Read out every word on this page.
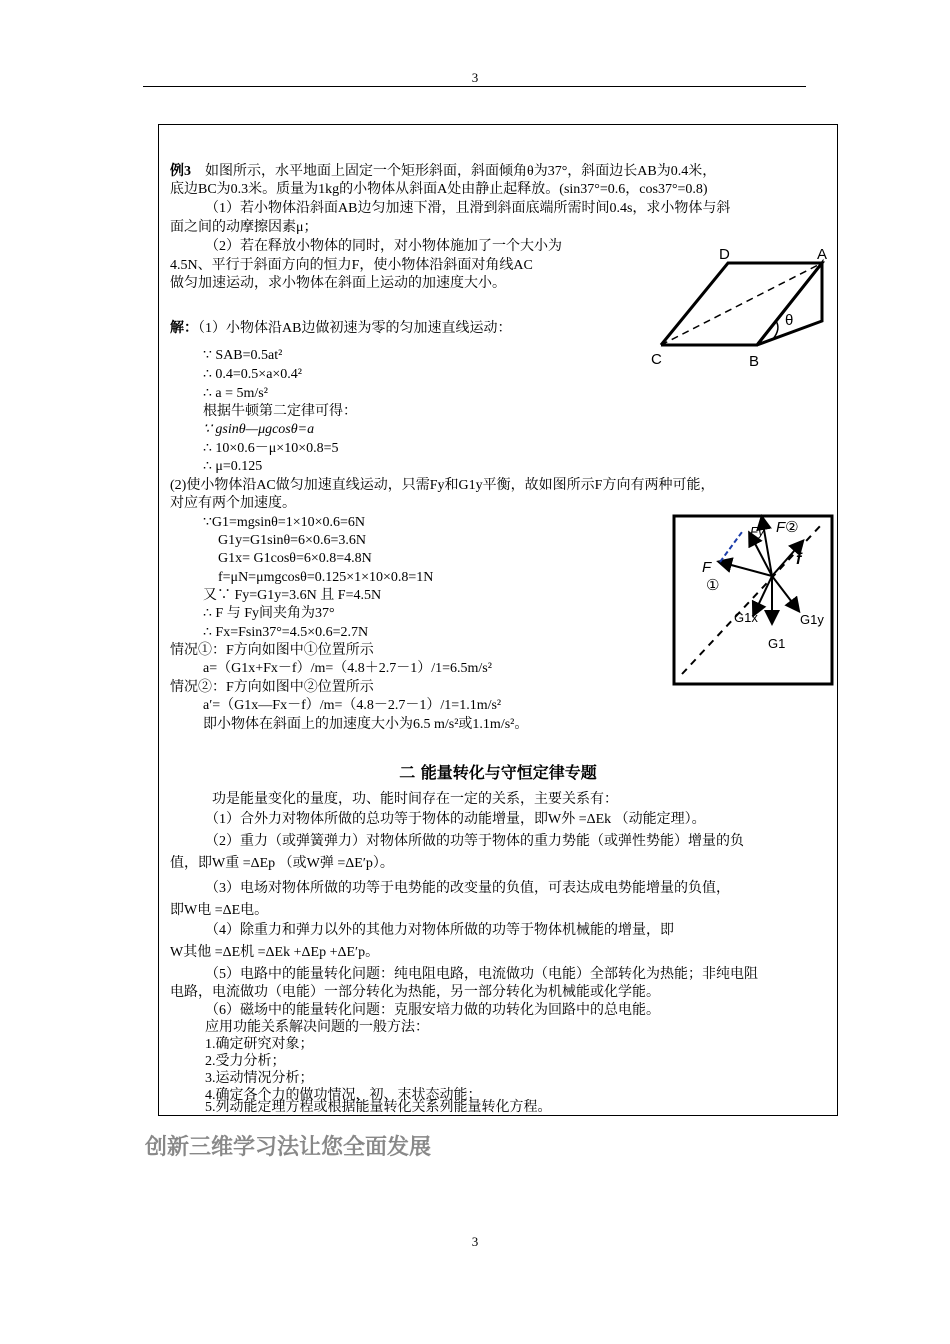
3
例3　 如图所示，水平地面上固定一个矩形斜面，斜面倾角θ为37°，斜面边长AB为0.4米，
底边BC为0.3米。质量为1kg的小物体从斜面A处由静止起释放。(sin37°=0.6，cos37°=0.8)
（1）若小物体沿斜面AB边匀加速下滑，且滑到斜面底端所需时间0.4s，求小物体与斜
面之间的动摩擦因素μ；
（2）若在释放小物体的同时，对小物体施加了一个大小为
4.5N、平行于斜面方向的恒力F，使小物体沿斜面对角线AC
做匀加速运动，求小物体在斜面上运动的加速度大小。
D	A
C	B
θ
解：（1）小物体沿AB边做初速为零的匀加速直线运动：
∵ SAB=0.5at²
∴ 0.4=0.5×a×0.4²
∴ a = 5m/s²
根据牛顿第二定律可得：
∵ gsinθ—μgcosθ=a
∴ 10×0.6－μ×10×0.8=5
∴ μ=0.125
(2)使小物体沿AC做匀加速直线运动，只需Fy和G1y平衡，故如图所示F方向有两种可能，
对应有两个加速度。
∵G1=mgsinθ=1×10×0.6=6N
G1y=G1sinθ=6×0.6=3.6N
G1x= G1cosθ=6×0.8=4.8N
f=μN=μmgcosθ=0.125×1×10×0.8=1N
又∵ Fy=G1y=3.6N 且 F=4.5N
∴ F 与 Fy间夹角为37°
∴ Fx=Fsin37°=4.5×0.6=2.7N
情况①：F方向如图中①位置所示
a=（G1x+Fx－f）/m=（4.8＋2.7－1）/1=6.5m/s²
情况②：F方向如图中②位置所示
a′=（G1x—Fx－f）/m=（4.8－2.7－1）/1=1.1m/s²
即小物体在斜面上的加速度大小为6.5 m/s²或1.1m/s²。
F
①
Fy F②
f
G1x	G1y
G1
二 能量转化与守恒定律专题
功是能量变化的量度，功、能时间存在一定的关系，主要关系有：
（1）合外力对物体所做的总功等于物体的动能增量，即W外 =ΔEk （动能定理）。
（2）重力（或弹簧弹力）对物体所做的功等于物体的重力势能（或弹性势能）增量的负
值，即W重 =ΔEp （或W弹 =ΔE′p）。
（3）电场对物体所做的功等于电势能的改变量的负值，可表达成电势能增量的负值，
即W电 =ΔE电。
（4）除重力和弹力以外的其他力对物体所做的功等于物体机械能的增量，即
W其他 =ΔE机 =ΔEk +ΔEp +ΔE′p。
（5）电路中的能量转化问题：纯电阻电路，电流做功（电能）全部转化为热能；非纯电阻
电路，电流做功（电能）一部分转化为热能，另一部分转化为机械能或化学能。
（6）磁场中的能量转化问题：克服安培力做的功转化为回路中的总电能。
应用功能关系解决问题的一般方法：
1.确定研究对象；
2.受力分析；
3.运动情况分析；
4.确定各个力的做功情况，初、末状态动能；
5.列动能定理方程或根据能量转化关系列能量转化方程。
创新三维学习法让您全面发展
3
